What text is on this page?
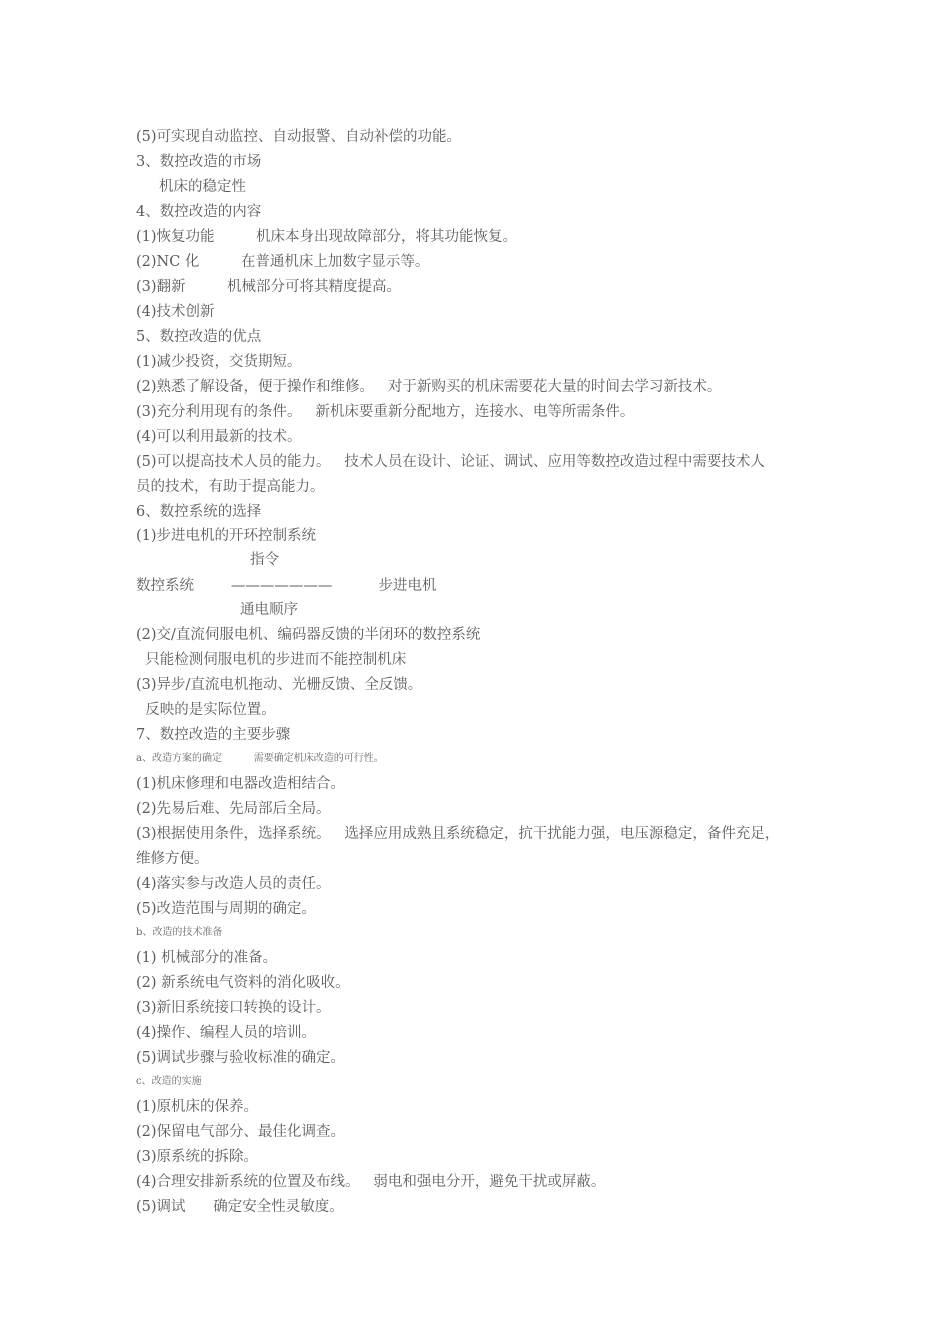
(5)可实现自动监控、自动报警、自动补偿的功能。
3、数控改造的市场
机床的稳定性
4、数控改造的内容
(1)恢复功能         机床本身出现故障部分，将其功能恢复。
(2)NC 化         在普通机床上加数字显示等。
(3)翻新         机械部分可将其精度提高。
(4)技术创新
5、数控改造的优点
(1)减少投资，交货期短。
(2)熟悉了解设备，便于操作和维修。   对于新购买的机床需要花大量的时间去学习新技术。
(3)充分利用现有的条件。   新机床要重新分配地方，连接水、电等所需条件。
(4)可以利用最新的技术。
(5)可以提高技术人员的能力。   技术人员在设计、论证、调试、应用等数控改造过程中需要技术人
员的技术，有助于提高能力。
6、数控系统的选择
(1)步进电机的开环控制系统
指令
数控系统        ———————          步进电机
通电顺序
(2)交/直流伺服电机、编码器反馈的半闭环的数控系统
只能检测伺服电机的步进而不能控制机床
(3)异步/直流电机拖动、光栅反馈、全反馈。
反映的是实际位置。
7、数控改造的主要步骤
a、改造方案的确定          需要确定机床改造的可行性。
(1)机床修理和电器改造相结合。
(2)先易后难、先局部后全局。
(3)根据使用条件，选择系统。   选择应用成熟且系统稳定，抗干扰能力强，电压源稳定，备件充足，
维修方便。
(4)落实参与改造人员的责任。
(5)改造范围与周期的确定。
b、改造的技术准备
(1) 机械部分的准备。
(2) 新系统电气资料的消化吸收。
(3)新旧系统接口转换的设计。
(4)操作、编程人员的培训。
(5)调试步骤与验收标准的确定。
c、改造的实施
(1)原机床的保养。
(2)保留电气部分、最佳化调查。
(3)原系统的拆除。
(4)合理安排新系统的位置及布线。   弱电和强电分开，避免干扰或屏蔽。
(5)调试      确定安全性灵敏度。
